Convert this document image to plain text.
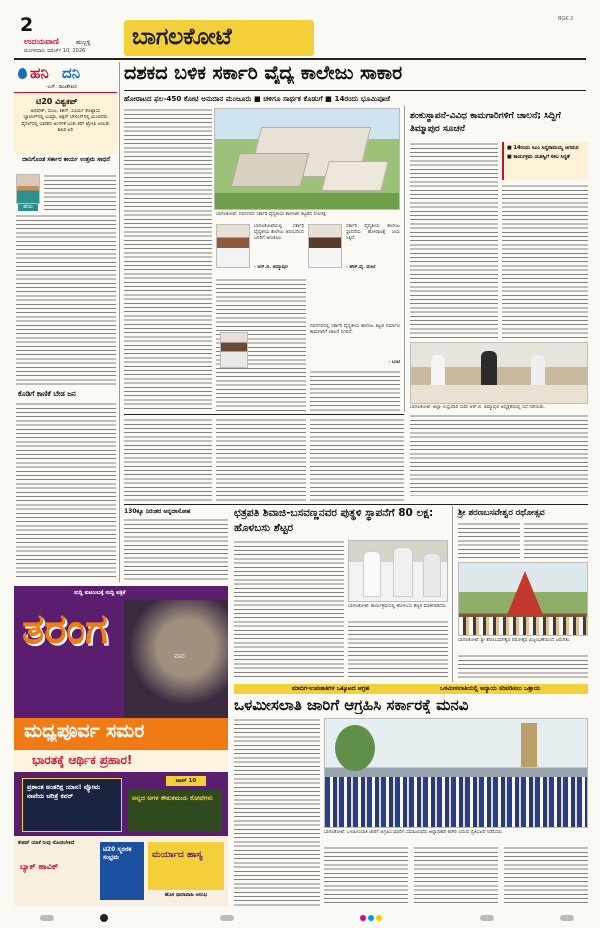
2
ಉದಯವಾಣಿ	ಹುಬ್ಬಳ್ಳಿ
ಮಂಗಳವಾರ, ಮಾರ್ಚ್ 10, 2026
ಬಾಗಲಕೋಟೆ
BGK 2
ಹನಿ ದನಿ
-ಎಸ್. ರಾಜಶೇಖರ
ಟಿ20 ವಿಶ್ವಕಪ್
ಅಭಿಷೇಕ್, ಸಂಜು, ಕಿಶನ್, ಸೂರ್ಯ ಕೊಟ್ಟಾಯ ಬ್ಯಾಟಿಂಗ್‌ನಲ್ಲಿ ಬುಮ್ರಾ, ಅಕ್ಷರ್ ಬೌಲಿಂಗ್‌ನಲ್ಲಿ ಮಿಂಚಿದರು ಫೈನಲ್‌ನಲ್ಲಿ ಭಾರತದ ಅಂಗಳಕೆ ಬಂತು ಕಪ್ ಟ್ರೋಫಿ ಆಯಿತು ಶಿಖರ ಏರಿ
ದಾನಿಗೊಂಡ ಸರ್ಕಾರ ಕಾರ್ಯ ಉತ್ತಮ ಸಾಧನೆ
ಹೆಸರು
ಕೊಡಿಗೆ ಕಾಣಿಕೆ ಬೇಡ ಜನ
ದಶಕದ ಬಳಿಕ ಸರ್ಕಾರಿ ವೈದ್ಯ ಕಾಲೇಜು ಸಾಕಾರ
ಹೋರಾಟದ ಫಲ-450 ಕೋಟಿ ಅನುದಾನ ಮಂಜೂರು ■ ಚಳಿಗೂ ಸಾರ್ಥಕ ಕೊಡುಗೆ ■ 14ರಂದು ಭೂಮಿಪೂಜೆ
ಬಾಗಲಕೋಟೆ: ನವನಗರದ ಸರ್ಕಾರಿ ವೈದ್ಯಕೀಯ ಕಾಲೇಜಿನ ಕಟ್ಟಡದ ನೀಲನಕ್ಷೆ.
ಬಾಗಲಕೋಟೆಯಲ್ಲಿ ಸರ್ಕಾರಿ ವೈದ್ಯಕೀಯ ಕಾಲೇಜು ಆರಂಭದಿಂದ ಜನರಿಗೆ ಅನುಕೂಲ.
- ಆರ್.ಬಿ. ತಿಮ್ಮಾಪುರ
ಸರ್ಕಾರಿ ವೈದ್ಯಕೀಯ ಕಾಲೇಜು ಸ್ಥಾಪನೆಯ ಹೋರಾಟಕ್ಕೆ ಜಯ ಸಿಕ್ಕಿದೆ.
- ಹೆಚ್.ವೈ. ಮೇಟಿ
ನವನಗರದಲ್ಲಿ ಸರ್ಕಾರಿ ವೈದ್ಯಕೀಯ ಕಾಲೇಜು ಕಟ್ಟಡ ನಿರ್ಮಾಣ ಕಾಮಗಾರಿಗೆ ಚಾಲನೆ ಸಿಗಲಿದೆ.
- ಬಂಟಿ
ಶಂಕುಸ್ಥಾಪನೆ-ವಿವಿಧ ಕಾಮಗಾರಿಗಳಿಗೆ ಚಾಲನೆ; ಸಿದ್ದಿಗೆ ತಿಮ್ಮಾಪುರ ಸೂಚನೆ
■ 14ರಂದು ಸಿಎಂ ಸಿದ್ದರಾಮಯ್ಯ ಆಗಮನ
■ ಕಾರ್ಯಕ್ರಮ ಯಶಸ್ವಿಗೆ ಸಕಲ ಸಿದ್ಧತೆ
ಬಾಗಲಕೋಟೆ: ಜಿಲ್ಲಾ ಉಸ್ತುವಾರಿ ಸಚಿವ ಆರ್.ಬಿ. ತಿಮ್ಮಾಪುರ ಅಧ್ಯಕ್ಷತೆಯಲ್ಲಿ ಸಭೆ ನಡೆಯಿತು.
130ಕ್ಕೂ ನಿರಂತರ ಅನ್ನದಾಸೋಹ	ಛತ್ರಪತಿ ಶಿವಾಜಿ-ಬಸವಣ್ಣನವರ ಪುತ್ಥಳಿ ಸ್ಥಾಪನೆಗೆ 80 ಲಕ್ಷ: ಹೊಳಬಸು ಶೆಟ್ಟರ
ಬಾಗಲಕೋಟೆ: ಕಾರ್ಯಕ್ರಮದಲ್ಲಿ ಹೊಳಬಸು ಶೆಟ್ಟರ ಮಾತನಾಡಿದರು.
ಶ್ರೀ ಶರಣಬಸವೇಶ್ವರ ರಥೋತ್ಸವ
ಬಾಗಲಕೋಟೆ: ಶ್ರೀ ಶರಣಬಸವೇಶ್ವರ ರಥೋತ್ಸವ ವಿಜೃಂಭಣೆಯಿಂದ ಜರುಗಿತು.
ಸುದ್ದಿ ಕುಟುಂಬಕ್ಕೆ ಸುದ್ದಿ ಪತ್ರಿಕೆ
ತರಂಗ
ವಾರ
ಮಧ್ಯಪೂರ್ವ ಸಮರ
ಭಾರತಕ್ಕೆ ಆರ್ಥಿಕ ಪ್ರಹಾರ!
ಟಾಪ್ 10
ಪ್ರಶಾಂತ ಅಂತರಿಕ್ಷ ಯಾನ! ವ್ಯೋಮ ನಾವೆಯ ಚರಿತ್ರೆ ಕವರ್	ಅನ್ನದ ಅಗಳ ಕೌತುಕಮಯ ಕೋಟೆಗಳು
ಕೇಶಪ್ ಯಾಕೆ ನೀವು ನೋಡಬೇಕಿದೆ
ಬ್ಯಾಕ್ ಹಾವಿಕ್
ಟಿ20 ಸ್ಮರಣಿಕ ಸಂಭ್ರಮ	ಮರ್ಯಾದ ಹಾಸ್ಯ
ಹೊಸ ಧಾರಾವಾಹಿ ಆರಂಭ
ಮಾದಿಗ-ಉಪಜಾತಿಗಳ ಒಕ್ಕೂಟದ ಆಗ್ರಹ	ಒಳಮೀಸಲಾತಿಯಲ್ಲಿ ಅನ್ಯಾಯ ಸರಿಪಡಿಸಲು ಒತ್ತಾಯ
ಒಳಮೀಸಲಾತಿ ಜಾರಿಗೆ ಆಗ್ರಹಿಸಿ ಸರ್ಕಾರಕ್ಕೆ ಮನವಿ
ಬಾಗಲಕೋಟೆ: ಒಳಮೀಸಲಾತಿ ಜಾರಿಗೆ ಆಗ್ರಹಿಸಿ ಮಾದಿಗ ಸಮಾಜದವರು ಜಿಲ್ಲಾಧಿಕಾರಿ ಕಚೇರಿ ಎದುರು ಪ್ರತಿಭಟನೆ ನಡೆಸಿದರು.
